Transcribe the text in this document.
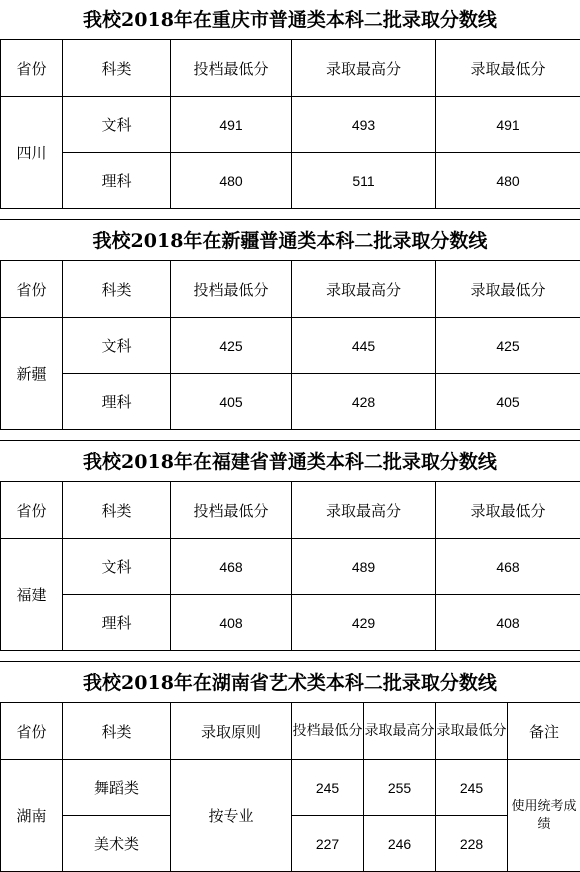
我校2018年在重庆市普通类本科二批录取分数线
省份	科类	投档最低分	录取最高分	录取最低分
四川	文科	491	493	491
	理科	480	511	480
我校2018年在新疆普通类本科二批录取分数线
省份	科类	投档最低分	录取最高分	录取最低分
新疆	文科	425	445	425
	理科	405	428	405
我校2018年在福建省普通类本科二批录取分数线
省份	科类	投档最低分	录取最高分	录取最低分
福建	文科	468	489	468
	理科	408	429	408
我校2018年在湖南省艺术类本科二批录取分数线
省份	科类	录取原则	投档最低分	录取最高分	录取最低分	备注
湖南	舞蹈类	按专业	245	255	245	使用统考成绩
	美术类		227	246	228	
